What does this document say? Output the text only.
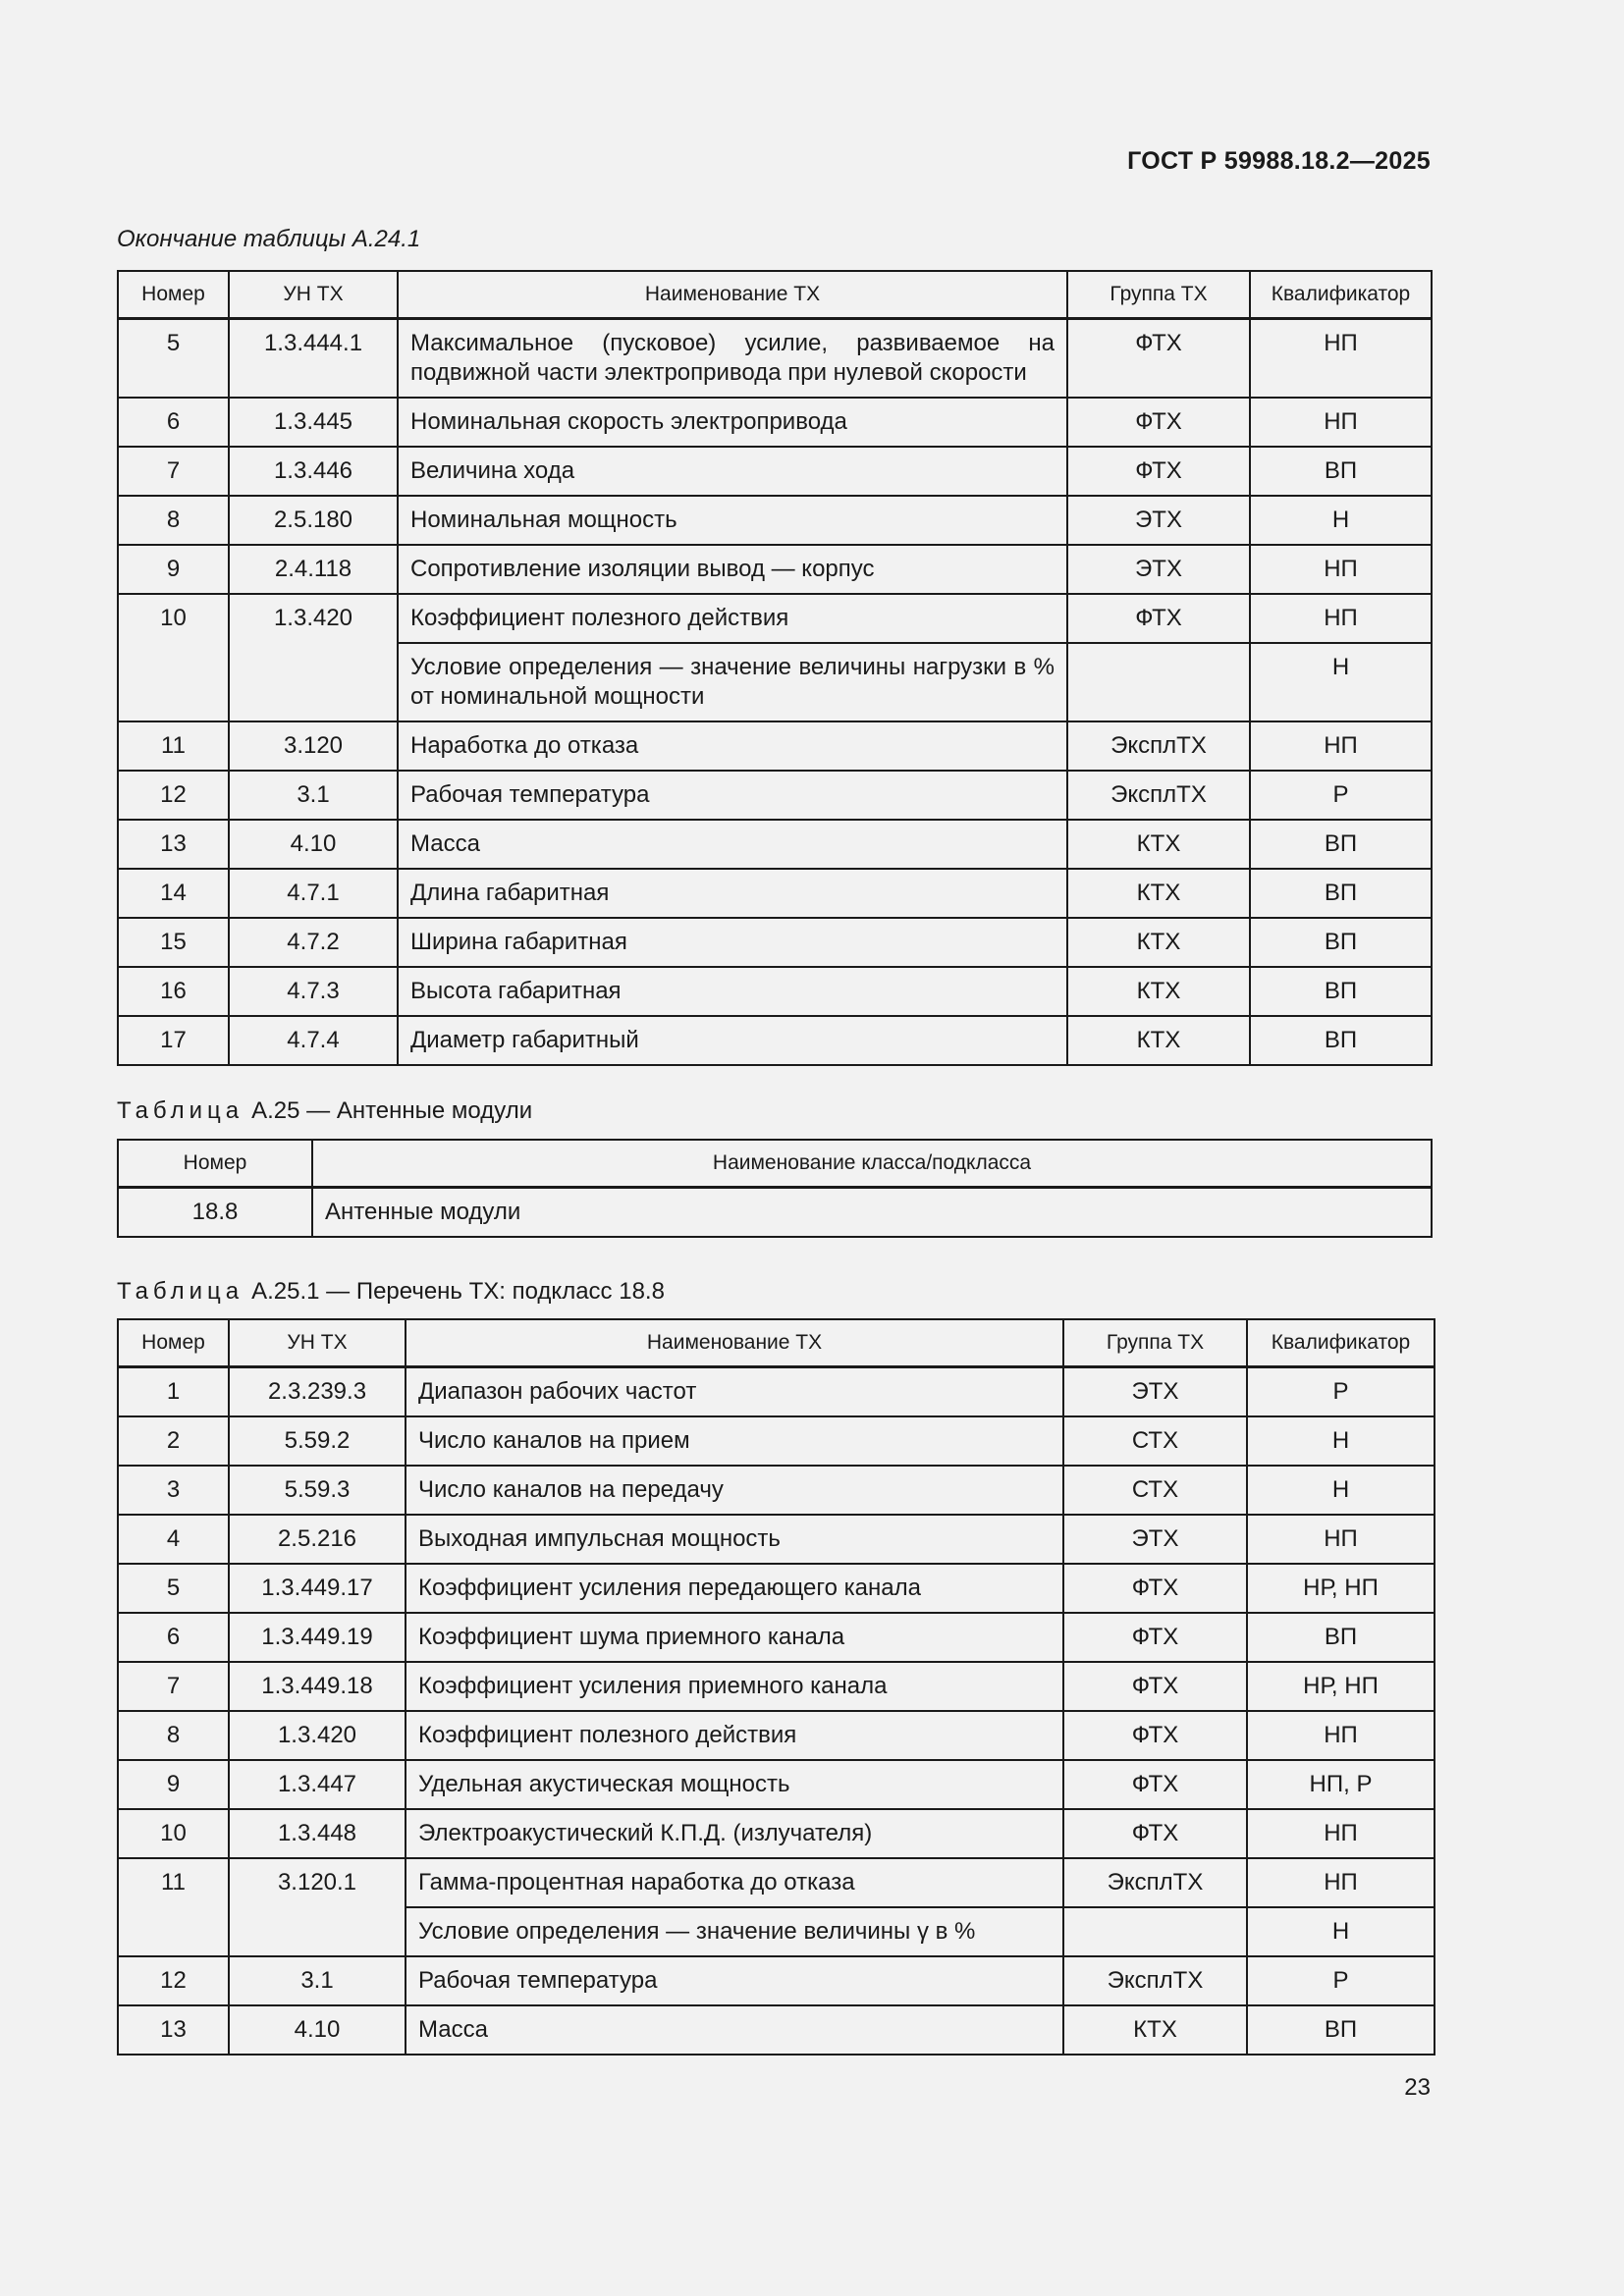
ГОСТ Р 59988.18.2—2025
Окончание таблицы А.24.1
Номер	УН ТХ	Наименование ТХ	Группа ТХ	Квалификатор
5	1.3.444.1	Максимальное (пусковое) усилие, развиваемое на подвижной части электропривода при нулевой скорости	ФТХ	НП
6	1.3.445	Номинальная скорость электропривода	ФТХ	НП
7	1.3.446	Величина хода	ФТХ	ВП
8	2.5.180	Номинальная мощность	ЭТХ	Н
9	2.4.118	Сопротивление изоляции вывод — корпус	ЭТХ	НП
10	1.3.420	Коэффициент полезного действия	ФТХ	НП
		Условие определения — значение величины нагрузки в % от номинальной мощности		Н
11	3.120	Наработка до отказа	ЭксплТХ	НП
12	3.1	Рабочая температура	ЭксплТХ	Р
13	4.10	Масса	КТХ	ВП
14	4.7.1	Длина габаритная	КТХ	ВП
15	4.7.2	Ширина габаритная	КТХ	ВП
16	4.7.3	Высота габаритная	КТХ	ВП
17	4.7.4	Диаметр габаритный	КТХ	ВП
Таблица А.25 — Антенные модули
Номер	Наименование класса/подкласса
18.8	Антенные модули
Таблица А.25.1 — Перечень ТХ: подкласс 18.8
Номер	УН ТХ	Наименование ТХ	Группа ТХ	Квалификатор
1	2.3.239.3	Диапазон рабочих частот	ЭТХ	Р
2	5.59.2	Число каналов на прием	СТХ	Н
3	5.59.3	Число каналов на передачу	СТХ	Н
4	2.5.216	Выходная импульсная мощность	ЭТХ	НП
5	1.3.449.17	Коэффициент усиления передающего канала	ФТХ	НР, НП
6	1.3.449.19	Коэффициент шума приемного канала	ФТХ	ВП
7	1.3.449.18	Коэффициент усиления приемного канала	ФТХ	НР, НП
8	1.3.420	Коэффициент полезного действия	ФТХ	НП
9	1.3.447	Удельная акустическая мощность	ФТХ	НП, Р
10	1.3.448	Электроакустический К.П.Д. (излучателя)	ФТХ	НП
11	3.120.1	Гамма-процентная наработка до отказа	ЭксплТХ	НП
		Условие определения — значение величины γ в %		Н
12	3.1	Рабочая температура	ЭксплТХ	Р
13	4.10	Масса	КТХ	ВП
23
